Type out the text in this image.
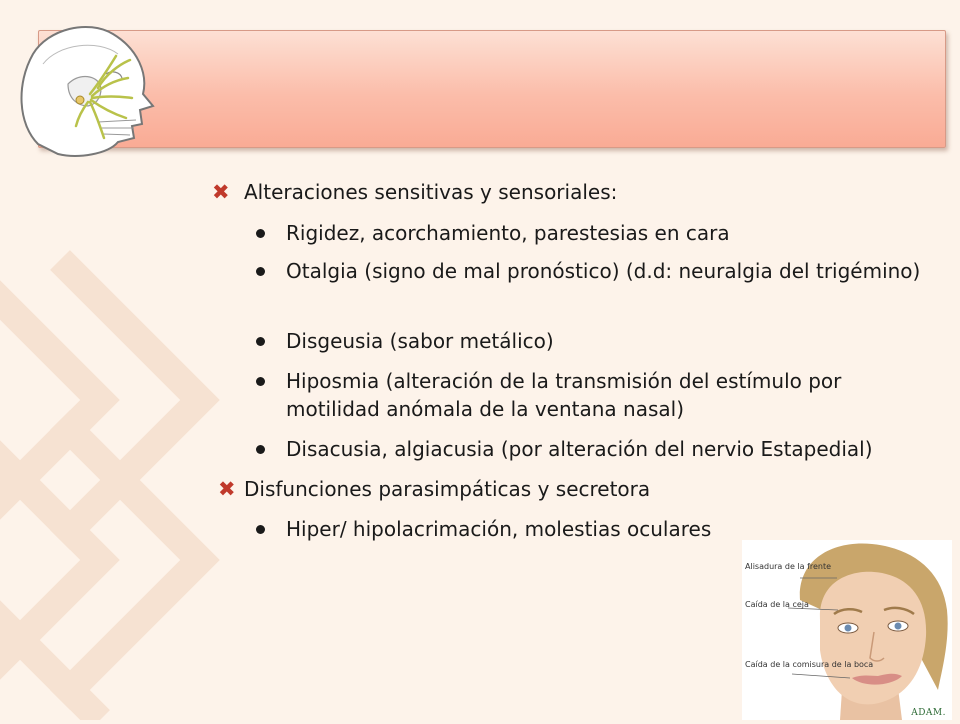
✖ Alteraciones sensitivas y sensoriales:
Rigidez, acorchamiento, parestesias en cara
Otalgia (signo de mal pronóstico) (d.d: neuralgia del trigémino)
Disgeusia (sabor metálico)
Hiposmia (alteración de la transmisión del estímulo por motilidad anómala de la ventana nasal)
Disacusia, algiacusia (por alteración del nervio Estapedial)
✖ Disfunciones parasimpáticas y secretora
Hiper/ hipolacrimación, molestias oculares
Alisadura de la frente
Caída de la ceja
Caída de la comisura de la boca
ADAM.
